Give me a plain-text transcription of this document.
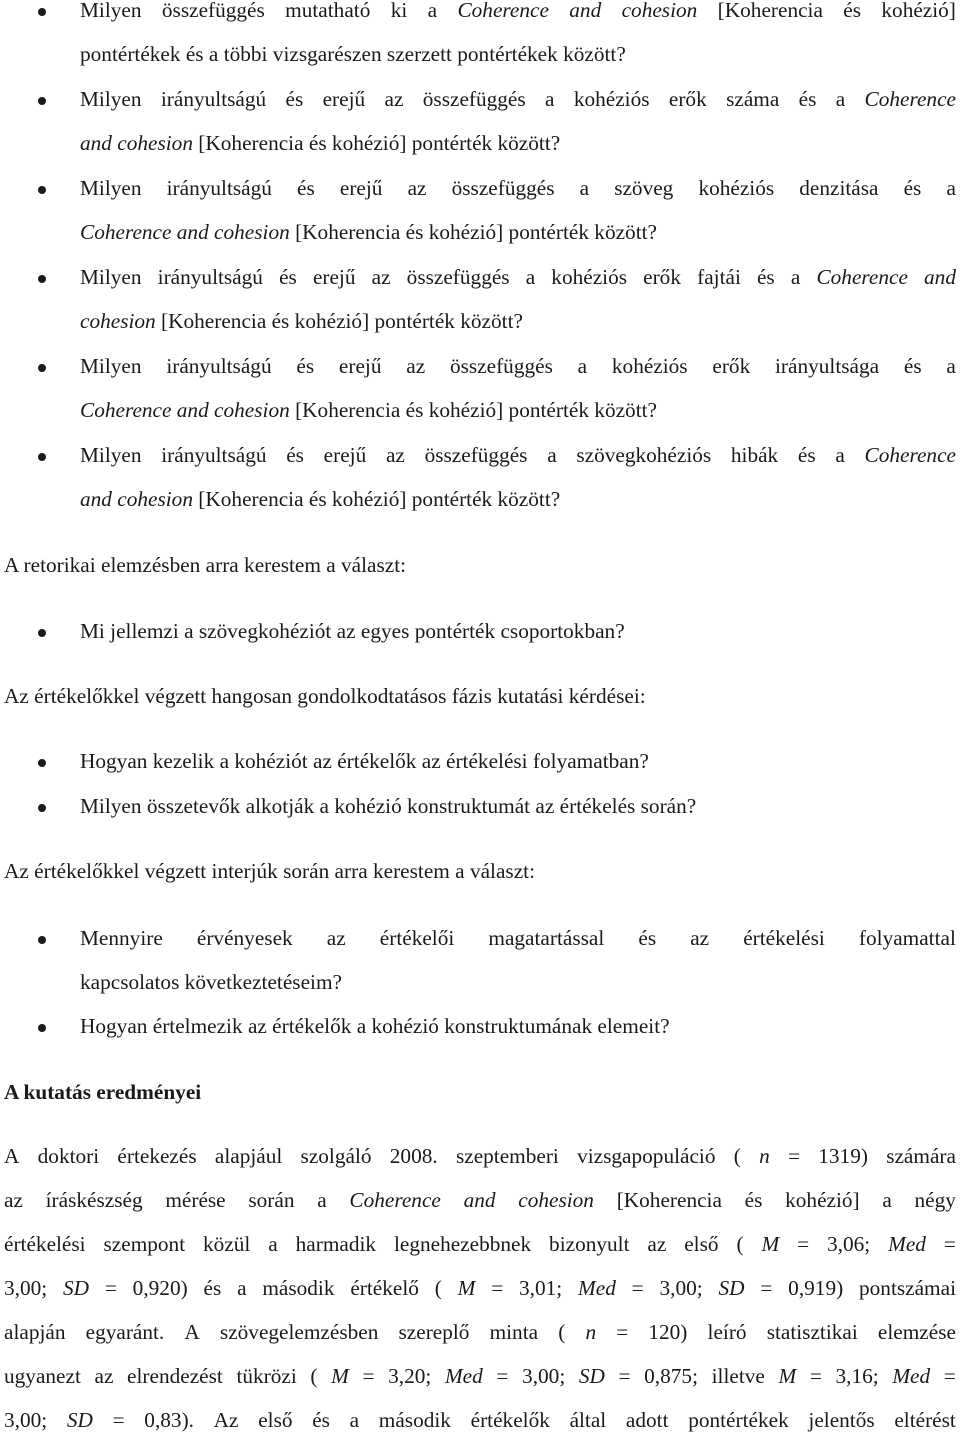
Milyen összefüggés mutatható ki a Coherence and cohesion [Koherencia és kohézió]
pontértékek és a többi vizsgarészen szerzett pontértékek között?
Milyen irányultságú és erejű az összefüggés a kohéziós erők száma és a Coherence
and cohesion [Koherencia és kohézió] pontérték között?
Milyen irányultságú és erejű az összefüggés a szöveg kohéziós denzitása és a
Coherence and cohesion [Koherencia és kohézió] pontérték között?
Milyen irányultságú és erejű az összefüggés a kohéziós erők fajtái és a Coherence and
cohesion [Koherencia és kohézió] pontérték között?
Milyen irányultságú és erejű az összefüggés a kohéziós erők irányultsága és a
Coherence and cohesion [Koherencia és kohézió] pontérték között?
Milyen irányultságú és erejű az összefüggés a szövegkohéziós hibák és a Coherence
and cohesion [Koherencia és kohézió] pontérték között?
A retorikai elemzésben arra kerestem a választ:
Mi jellemzi a szövegkohéziót az egyes pontérték csoportokban?
Az értékelőkkel végzett hangosan gondolkodtatásos fázis kutatási kérdései:
Hogyan kezelik a kohéziót az értékelők az értékelési folyamatban?
Milyen összetevők alkotják a kohézió konstruktumát az értékelés során?
Az értékelőkkel végzett interjúk során arra kerestem a választ:
Mennyire érvényesek az értékelői magatartással és az értékelési folyamattal
kapcsolatos következtetéseim?
Hogyan értelmezik az értékelők a kohézió konstruktumának elemeit?
A kutatás eredményei
A doktori értekezés alapjául szolgáló 2008. szeptemberi vizsgapopuláció ( n = 1319) számára
az íráskészség mérése során a Coherence and cohesion [Koherencia és kohézió] a négy
értékelési szempont közül a harmadik legnehezebbnek bizonyult az első ( M = 3,06; Med =
3,00; SD = 0,920) és a második értékelő ( M = 3,01; Med = 3,00; SD = 0,919) pontszámai
alapján egyaránt. A szövegelemzésben szereplő minta ( n = 120) leíró statisztikai elemzése
ugyanezt az elrendezést tükrözi ( M = 3,20; Med = 3,00; SD = 0,875; illetve M = 3,16; Med =
3,00; SD = 0,83). Az első és a második értékelők által adott pontértékek jelentős eltérést
